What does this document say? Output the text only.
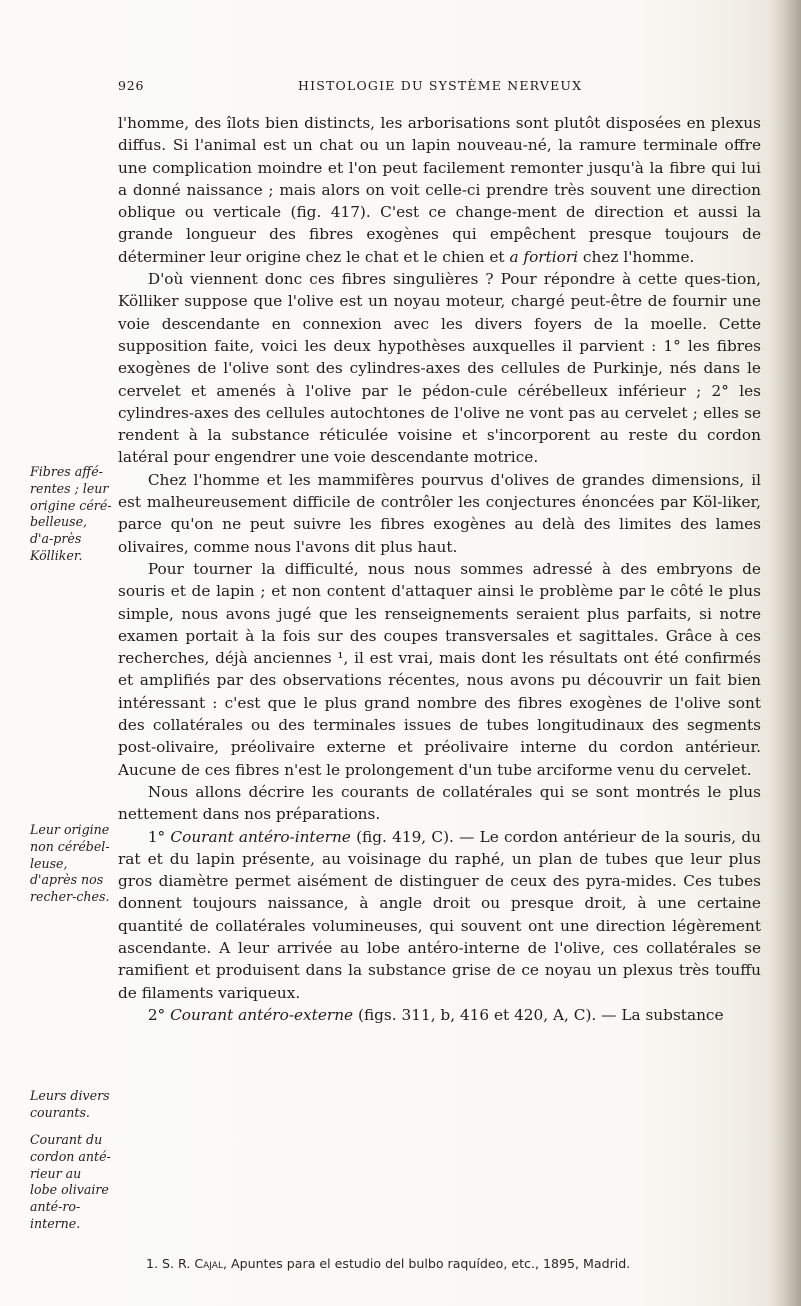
926	HISTOLOGIE DU SYSTÈME NERVEUX
Fibres affé-rentes ; leur origine céré-belleuse, d'a-près Kölliker.
Leur origine non cérébel-leuse, d'après nos recher-ches.
Leurs divers courants.
Courant du cordon anté-rieur au lobe olivaire anté-ro-interne.

l'homme, des îlots bien distincts, les arborisations sont plutôt disposées en plexus diffus. Si l'animal est un chat ou un lapin nouveau-né, la ramure terminale offre une complication moindre et l'on peut facilement remonter jusqu'à la fibre qui lui a donné naissance ; mais alors on voit celle-ci prendre très souvent une direction oblique ou verticale (fig. 417). C'est ce change-ment de direction et aussi la grande longueur des fibres exogènes qui empêchent presque toujours de déterminer leur origine chez le chat et le chien et a fortiori chez l'homme.

D'où viennent donc ces fibres singulières ? Pour répondre à cette ques-tion, Kölliker suppose que l'olive est un noyau moteur, chargé peut-être de fournir une voie descendante en connexion avec les divers foyers de la moelle. Cette supposition faite, voici les deux hypothèses auxquelles il parvient : 1° les fibres exogènes de l'olive sont des cylindres-axes des cellules de Purkinje, nés dans le cervelet et amenés à l'olive par le pédon-cule cérébelleux inférieur ; 2° les cylindres-axes des cellules autochtones de l'olive ne vont pas au cervelet ; elles se rendent à la substance réticulée voisine et s'incorporent au reste du cordon latéral pour engendrer une voie descendante motrice.

Chez l'homme et les mammifères pourvus d'olives de grandes dimensions, il est malheureusement difficile de contrôler les conjectures énoncées par Köl-liker, parce qu'on ne peut suivre les fibres exogènes au delà des limites des lames olivaires, comme nous l'avons dit plus haut.

Pour tourner la difficulté, nous nous sommes adressé à des embryons de souris et de lapin ; et non content d'attaquer ainsi le problème par le côté le plus simple, nous avons jugé que les renseignements seraient plus parfaits, si notre examen portait à la fois sur des coupes transversales et sagittales. Grâce à ces recherches, déjà anciennes ¹, il est vrai, mais dont les résultats ont été confirmés et amplifiés par des observations récentes, nous avons pu découvrir un fait bien intéressant : c'est que le plus grand nombre des fibres exogènes de l'olive sont des collatérales ou des terminales issues de tubes longitudinaux des segments post-olivaire, préolivaire externe et préolivaire interne du cordon antérieur. Aucune de ces fibres n'est le prolongement d'un tube arciforme venu du cervelet.

Nous allons décrire les courants de collatérales qui se sont montrés le plus nettement dans nos préparations.

1° Courant antéro-interne (fig. 419, C). — Le cordon antérieur de la souris, du rat et du lapin présente, au voisinage du raphé, un plan de tubes que leur plus gros diamètre permet aisément de distinguer de ceux des pyra-mides. Ces tubes donnent toujours naissance, à angle droit ou presque droit, à une certaine quantité de collatérales volumineuses, qui souvent ont une direction légèrement ascendante. A leur arrivée au lobe antéro-interne de l'olive, ces collatérales se ramifient et produisent dans la substance grise de ce noyau un plexus très touffu de filaments variqueux.

2° Courant antéro-externe (figs. 311, b, 416 et 420, A, C). — La substance

1. S. R. Cajal, Apuntes para el estudio del bulbo raquídeo, etc., 1895, Madrid.
